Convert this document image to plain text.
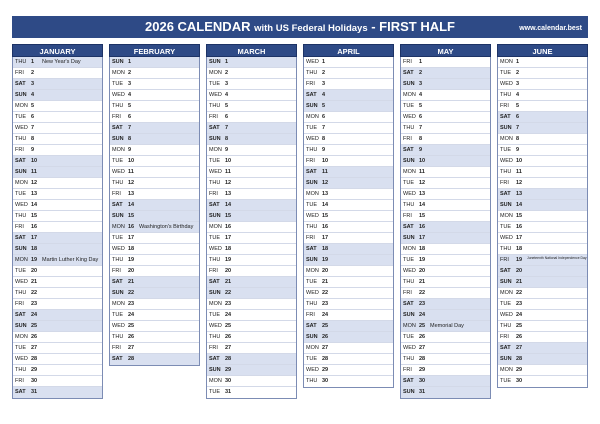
2026 CALENDAR with US Federal Holidays - FIRST HALF	www.calendar.best
JANUARY
THU 1	New Year's Day
FRI	2
SAT 3
SUN 4
MON 5
TUE 6
WED 7
THU 8
FRI	9
SAT 10
SUN 11
MON 12
TUE 13
WED 14
THU 15
FRI	16
SAT 17
SUN 18
MON 19 Martin Luther King Day
TUE 20
WED 21
THU 22
FRI	23
SAT 24
SUN 25
MON 26
TUE 27
WED 28
THU 29
FRI	30
SAT 31
FEBRUARY
SUN 1
MON 2
TUE 3
WED 4
THU 5
FRI	6
SAT 7
SUN 8
MON 9
TUE 10
WED 11
THU 12
FRI	13
SAT 14
SUN 15
MON 16 Washington's Birthday
TUE 17
WED 18
THU 19
FRI	20
SAT 21
SUN 22
MON 23
TUE 24
WED 25
THU 26
FRI	27
SAT 28
MARCH
SUN 1
MON 2
TUE 3
WED 4
THU 5
FRI	6
SAT 7
SUN 8
MON 9
TUE 10
WED 11
THU 12
FRI	13
SAT 14
SUN 15
MON 16
TUE 17
WED 18
THU 19
FRI	20
SAT 21
SUN 22
MON 23
TUE 24
WED 25
THU 26
FRI	27
SAT 28
SUN 29
MON 30
TUE 31
APRIL
WED 1
THU 2
FRI	3
SAT 4
SUN 5
MON 6
TUE 7
WED 8
THU 9
FRI	10
SAT 11
SUN 12
MON 13
TUE 14
WED 15
THU 16
FRI	17
SAT 18
SUN 19
MON 20
TUE 21
WED 22
THU 23
FRI	24
SAT 25
SUN 26
MON 27
TUE 28
WED 29
THU 30
MAY
FRI	1
SAT 2
SUN 3
MON 4
TUE 5
WED 6
THU 7
FRI	8
SAT 9
SUN 10
MON 11
TUE 12
WED 13
THU 14
FRI	15
SAT 16
SUN 17
MON 18
TUE 19
WED 20
THU 21
FRI	22
SAT 23
SUN 24
MON 25 Memorial Day
TUE 26
WED 27
THU 28
FRI	29
SAT 30
SUN 31
JUNE
MON 1
TUE 2
WED 3
THU 4
FRI	5
SAT 6
SUN 7
MON 8
TUE 9
WED 10
THU 11
FRI	12
SAT 13
SUN 14
MON 15
TUE 16
WED 17
THU 18
FRI	19	Juneteenth National Independence Day
SAT 20
SUN 21
MON 22
TUE 23
WED 24
THU 25
FRI	26
SAT 27
SUN 28
MON 29
TUE 30
